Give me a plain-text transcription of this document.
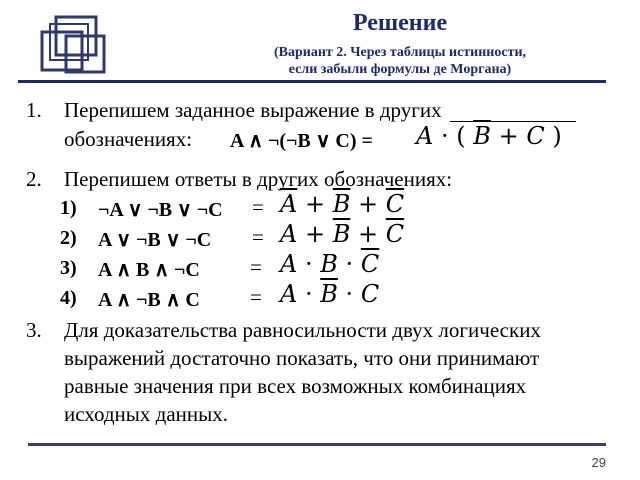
Решение
(Вариант 2. Через таблицы истинности,
если забыли формулы де Моргана)
1. Перепишем заданное выражение в других
обозначениях: A ∧ ¬(¬B ∨ C) = A · ( $\overline{B} + C$ )
2. Перепишем ответы в других обозначениях:
1) ¬A ∨ ¬B ∨ ¬C = $\overline{A} + \overline{B} + \overline{C}$
2) A ∨ ¬B ∨ ¬C = $A + \overline{B} + \overline{C}$
3) A ∧ B ∧ ¬C = $A \cdot B \cdot \overline{C}$
4) A ∧ ¬B ∧ $C = A \cdot \overline{B} \cdot C$
3. Для доказательства равносильности двух логических
выражений достаточно показать, что они принимают
равные значения при всех возможных комбинациях
исходных данных.
29
